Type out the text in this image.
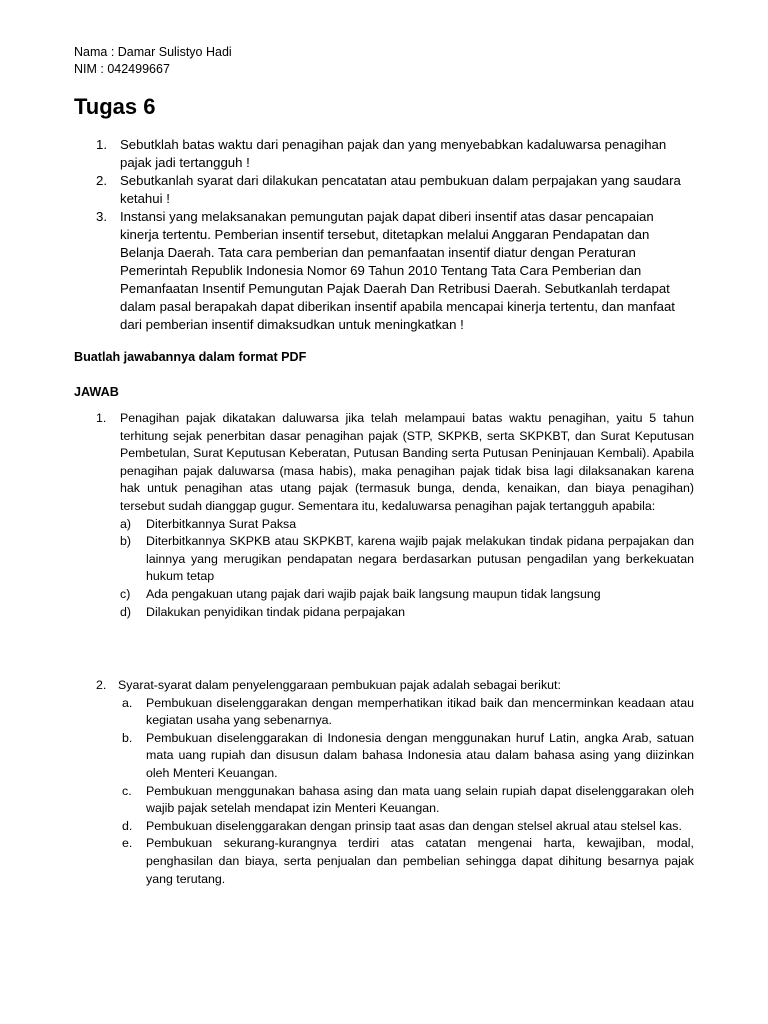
Nama : Damar Sulistyo Hadi
NIM : 042499667
Tugas 6
1. Sebutklah batas waktu dari penagihan pajak dan yang menyebabkan kadaluwarsa penagihan pajak jadi tertangguh !
2. Sebutkanlah syarat dari dilakukan pencatatan atau pembukuan dalam perpajakan yang saudara ketahui !
3. Instansi yang melaksanakan pemungutan pajak dapat diberi insentif atas dasar pencapaian kinerja tertentu. Pemberian insentif tersebut, ditetapkan melalui Anggaran Pendapatan dan Belanja Daerah. Tata cara pemberian dan pemanfaatan insentif diatur dengan Peraturan Pemerintah Republik Indonesia Nomor 69 Tahun 2010 Tentang Tata Cara Pemberian dan Pemanfaatan Insentif Pemungutan Pajak Daerah Dan Retribusi Daerah. Sebutkanlah terdapat dalam pasal berapakah dapat diberikan insentif apabila mencapai kinerja tertentu, dan manfaat dari pemberian insentif dimaksudkan untuk meningkatkan !
Buatlah jawabannya dalam format PDF
JAWAB
1.	Penagihan pajak dikatakan daluwarsa jika telah melampaui batas waktu penagihan, yaitu 5 tahun terhitung sejak penerbitan dasar penagihan pajak (STP, SKPKB, serta SKPKBT, dan Surat Keputusan Pembetulan, Surat Keputusan Keberatan, Putusan Banding serta Putusan Peninjauan Kembali). Apabila penagihan pajak daluwarsa (masa habis), maka penagihan pajak tidak bisa lagi dilaksanakan karena hak untuk penagihan atas utang pajak (termasuk bunga, denda, kenaikan, dan biaya penagihan) tersebut sudah dianggap gugur. Sementara itu, kedaluwarsa penagihan pajak tertangguh apabila:
a)	Diterbitkannya Surat Paksa
b)	Diterbitkannya SKPKB atau SKPKBT, karena wajib pajak melakukan tindak pidana perpajakan dan lainnya yang merugikan pendapatan negara berdasarkan putusan pengadilan yang berkekuatan hukum tetap
c)	Ada pengakuan utang pajak dari wajib pajak baik langsung maupun tidak langsung
d)	Dilakukan penyidikan tindak pidana perpajakan
2. Syarat-syarat dalam penyelenggaraan pembukuan pajak adalah sebagai berikut:
a.	Pembukuan diselenggarakan dengan memperhatikan itikad baik dan mencerminkan keadaan atau kegiatan usaha yang sebenarnya.
b.	Pembukuan diselenggarakan di Indonesia dengan menggunakan huruf Latin, angka Arab, satuan mata uang rupiah dan disusun dalam bahasa Indonesia atau dalam bahasa asing yang diizinkan oleh Menteri Keuangan.
c.	Pembukuan menggunakan bahasa asing dan mata uang selain rupiah dapat diselenggarakan oleh wajib pajak setelah mendapat izin Menteri Keuangan.
d.	Pembukuan diselenggarakan dengan prinsip taat asas dan dengan stelsel akrual atau stelsel kas.
e.	Pembukuan sekurang-kurangnya terdiri atas catatan mengenai harta, kewajiban, modal, penghasilan dan biaya, serta penjualan dan pembelian sehingga dapat dihitung besarnya pajak yang terutang.
